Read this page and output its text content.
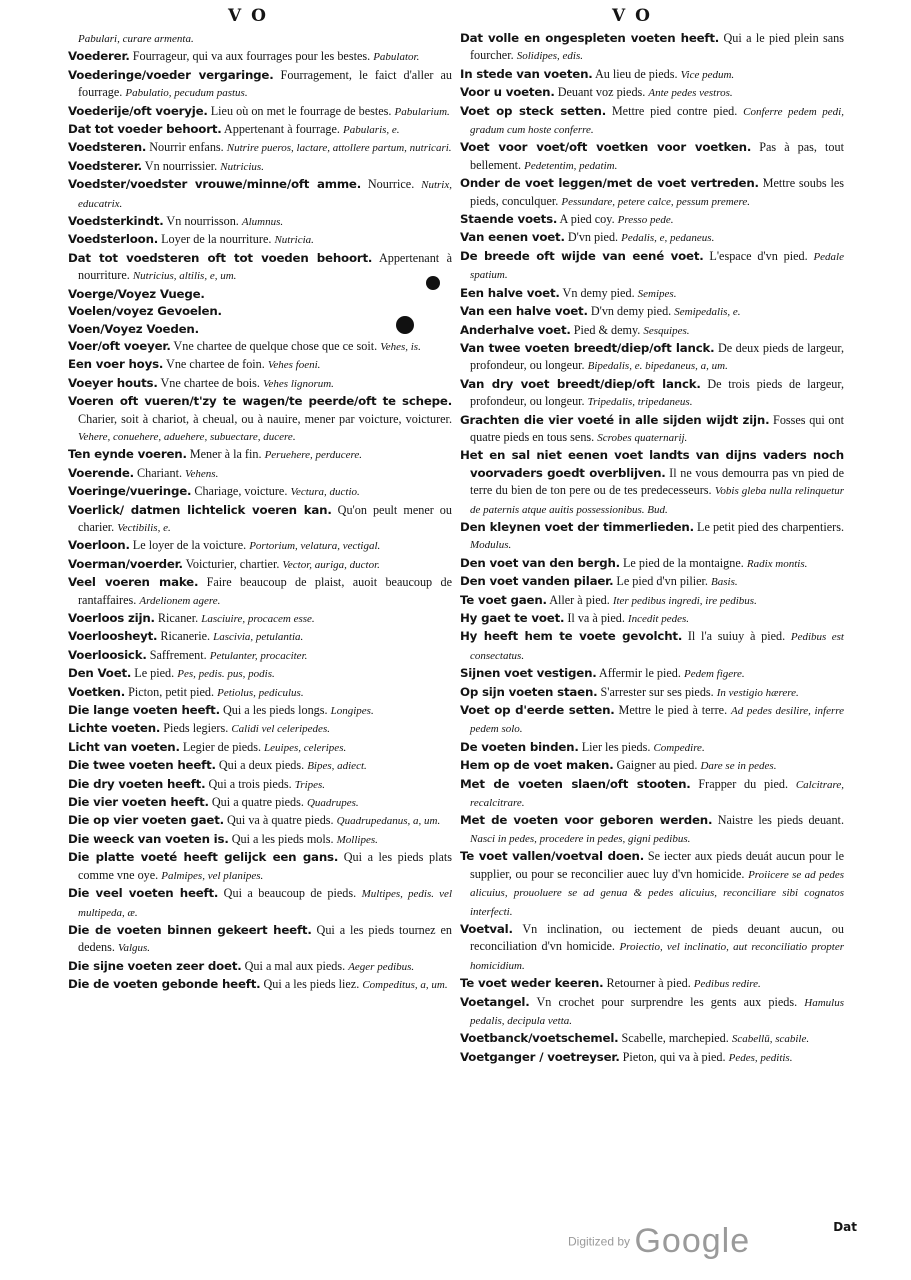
V O	V O

Pabulari, curare armenta.

Voederer. Fourrageur, qui va aux fourrages pour les bestes. Pabulator.

Voederinge/voeder vergaringe. Fourragement, le faict d'aller au fourrage. Pabulatio, pecudum pastus.

Voederije/oft voeryje. Lieu où on met le fourrage de bestes. Pabularium.

Dat tot voeder behoort. Appertenant à fourrage. Pabularis, e.

Voedsteren. Nourrir enfans. Nutrire pueros, lactare, attollere partum, nutricari.

Voedsterer. Vn nourrissier. Nutricius.

Voedster/voedster vrouwe/minne/oft amme. Nourrice. Nutrix, educatrix.

Voedsterkindt. Vn nourrisson. Alumnus.

Voedsterloon. Loyer de la nourriture. Nutricia.

Dat tot voedsteren oft tot voeden behoort. Appertenant à nourriture. Nutricius, altilis, e, um.

Voerge/Voyez Vuege.

Voelen/voyez Gevoelen.

Voen/Voyez Voeden.

Voer/oft voeyer. Vne chartee de quelque chose que ce soit. Vehes, is.

Een voer hoys. Vne chartee de foin. Vehes foeni.

Voeyer houts. Vne chartee de bois. Vehes lignorum.

Voeren oft vueren/t'zy te wagen/te peerde/oft te schepe. Charier, soit à chariot, à cheual, ou à nauire, mener par voicture, voicturer. Vehere, conuehere, aduehere, subuectare, ducere.

Ten eynde voeren. Mener à la fin. Peruehere, perducere.

Voerende. Chariant. Vehens.

Voeringe/vueringe. Chariage, voicture. Vectura, ductio.

Voerlick/ datmen lichtelick voeren kan. Qu'on peult mener ou charier. Vectibilis, e.

Voerloon. Le loyer de la voicture. Portorium, velatura, vectigal.

Voerman/voerder. Voicturier, chartier. Vector, auriga, ductor.

Veel voeren make. Faire beaucoup de plaist, auoit beaucoup de rantaffaires. Ardelionem agere.

Voerloos zijn. Ricaner. Lasciuire, procacem esse.

Voerloosheyt. Ricanerie. Lascivia, petulantia.

Voerloosick. Saffrement. Petulanter, procaciter.

Den Voet. Le pied. Pes, pedis. pus, podis.

Voetken. Picton, petit pied. Petiolus, pediculus.

Die lange voeten heeft. Qui a les pieds longs. Longipes.

Lichte voeten. Pieds legiers. Calidi vel celeripedes.

Licht van voeten. Legier de pieds. Leuipes, celeripes.

Die twee voeten heeft. Qui a deux pieds. Bipes, adiect.

Die dry voeten heeft. Qui a trois pieds. Tripes.

Die vier voeten heeft. Qui a quatre pieds. Quadrupes.

Die op vier voeten gaet. Qui va à quatre pieds. Quadrupedanus, a, um.

Die weeck van voeten is. Qui a les pieds mols. Mollipes.

Die platte voeté heeft gelijck een gans. Qui a les pieds plats comme vne oye. Palmipes, vel planipes.

Die veel voeten heeft. Qui a beaucoup de pieds. Multipes, pedis. vel multipeda, æ.

Die de voeten binnen gekeert heeft. Qui a les pieds tournez en dedens. Valgus.

Die sijne voeten zeer doet. Qui a mal aux pieds. Aeger pedibus.

Die de voeten gebonde heeft. Qui a les pieds liez. Compeditus, a, um.

Dat volle en ongespleten voeten heeft. Qui a le pied plein sans fourcher. Solidipes, edis.

In stede van voeten. Au lieu de pieds. Vice pedum.

Voor u voeten. Deuant voz pieds. Ante pedes vestros.

Voet op steck setten. Mettre pied contre pied. Conferre pedem pedi, gradum cum hoste conferre.

Voet voor voet/oft voetken voor voetken. Pas à pas, tout bellement. Pedetentim, pedatim.

Onder de voet leggen/met de voet vertreden. Mettre soubs les pieds, conculquer. Pessundare, petere calce, pessum premere.

Staende voets. A pied coy. Presso pede.

Van eenen voet. D'vn pied. Pedalis, e, pedaneus.

De breede oft wijde van eené voet. L'espace d'vn pied. Pedale spatium.

Een halve voet. Vn demy pied. Semipes.

Van een halve voet. D'vn demy pied. Semipedalis, e.

Anderhalve voet. Pied & demy. Sesquipes.

Van twee voeten breedt/diep/oft lanck. De deux pieds de largeur, profondeur, ou longeur. Bipedalis, e. bipedaneus, a, um.

Van dry voet breedt/diep/oft lanck. De trois pieds de largeur, profondeur, ou longeur. Tripedalis, tripedaneus.

Grachten die vier voeté in alle sijden wijdt zijn. Fosses qui ont quatre pieds en tous sens. Scrobes quaternarij.

Het en sal niet eenen voet landts van dijns vaders noch voorvaders goedt overblijven. Il ne vous demourra pas vn pied de terre du bien de ton pere ou de tes predecesseurs. Vobis gleba nulla relinquetur de paternis atque auitis possessionibus. Bud.

Den kleynen voet der timmerlieden. Le petit pied des charpentiers. Modulus.

Den voet van den bergh. Le pied de la montaigne. Radix montis.

Den voet vanden pilaer. Le pied d'vn pilier. Basis.

Te voet gaen. Aller à pied. Iter pedibus ingredi, ire pedibus.

Hy gaet te voet. Il va à pied. Incedit pedes.

Hy heeft hem te voete gevolcht. Il l'a suiuy à pied. Pedibus est consectatus.

Sijnen voet vestigen. Affermir le pied. Pedem figere.

Op sijn voeten staen. S'arrester sur ses pieds. In vestigio hærere.

Voet op d'eerde setten. Mettre le pied à terre. Ad pedes desilire, inferre pedem solo.

De voeten binden. Lier les pieds. Compedire.

Hem op de voet maken. Gaigner au pied. Dare se in pedes.

Met de voeten slaen/oft stooten. Frapper du pied. Calcitrare, recalcitrare.

Met de voeten voor geboren werden. Naistre les pieds deuant. Nasci in pedes, procedere in pedes, gigni pedibus.

Te voet vallen/voetval doen. Se iecter aux pieds deuát aucun pour le supplier, ou pour se reconcilier auec luy d'vn homicide. Proiicere se ad pedes alicuius, prouoluere se ad genua & pedes alicuius, reconciliare sibi cognatos interfecti.

Voetval. Vn inclination, ou iectement de pieds deuant aucun, ou reconciliation d'vn homicide. Proiectio, vel inclinatio, aut reconciliatio propter homicidium.

Te voet weder keeren. Retourner à pied. Pedibus redire.

Voetangel. Vn crochet pour surprendre les gents aux pieds. Hamulus pedalis, decipula vetta.

Voetbanck/voetschemel. Scabelle, marchepied. Scabellū, scabile.

Voetganger / voetreyser. Pieton, qui va à pied. Pedes, peditis.

Dat
Digitized by Google
